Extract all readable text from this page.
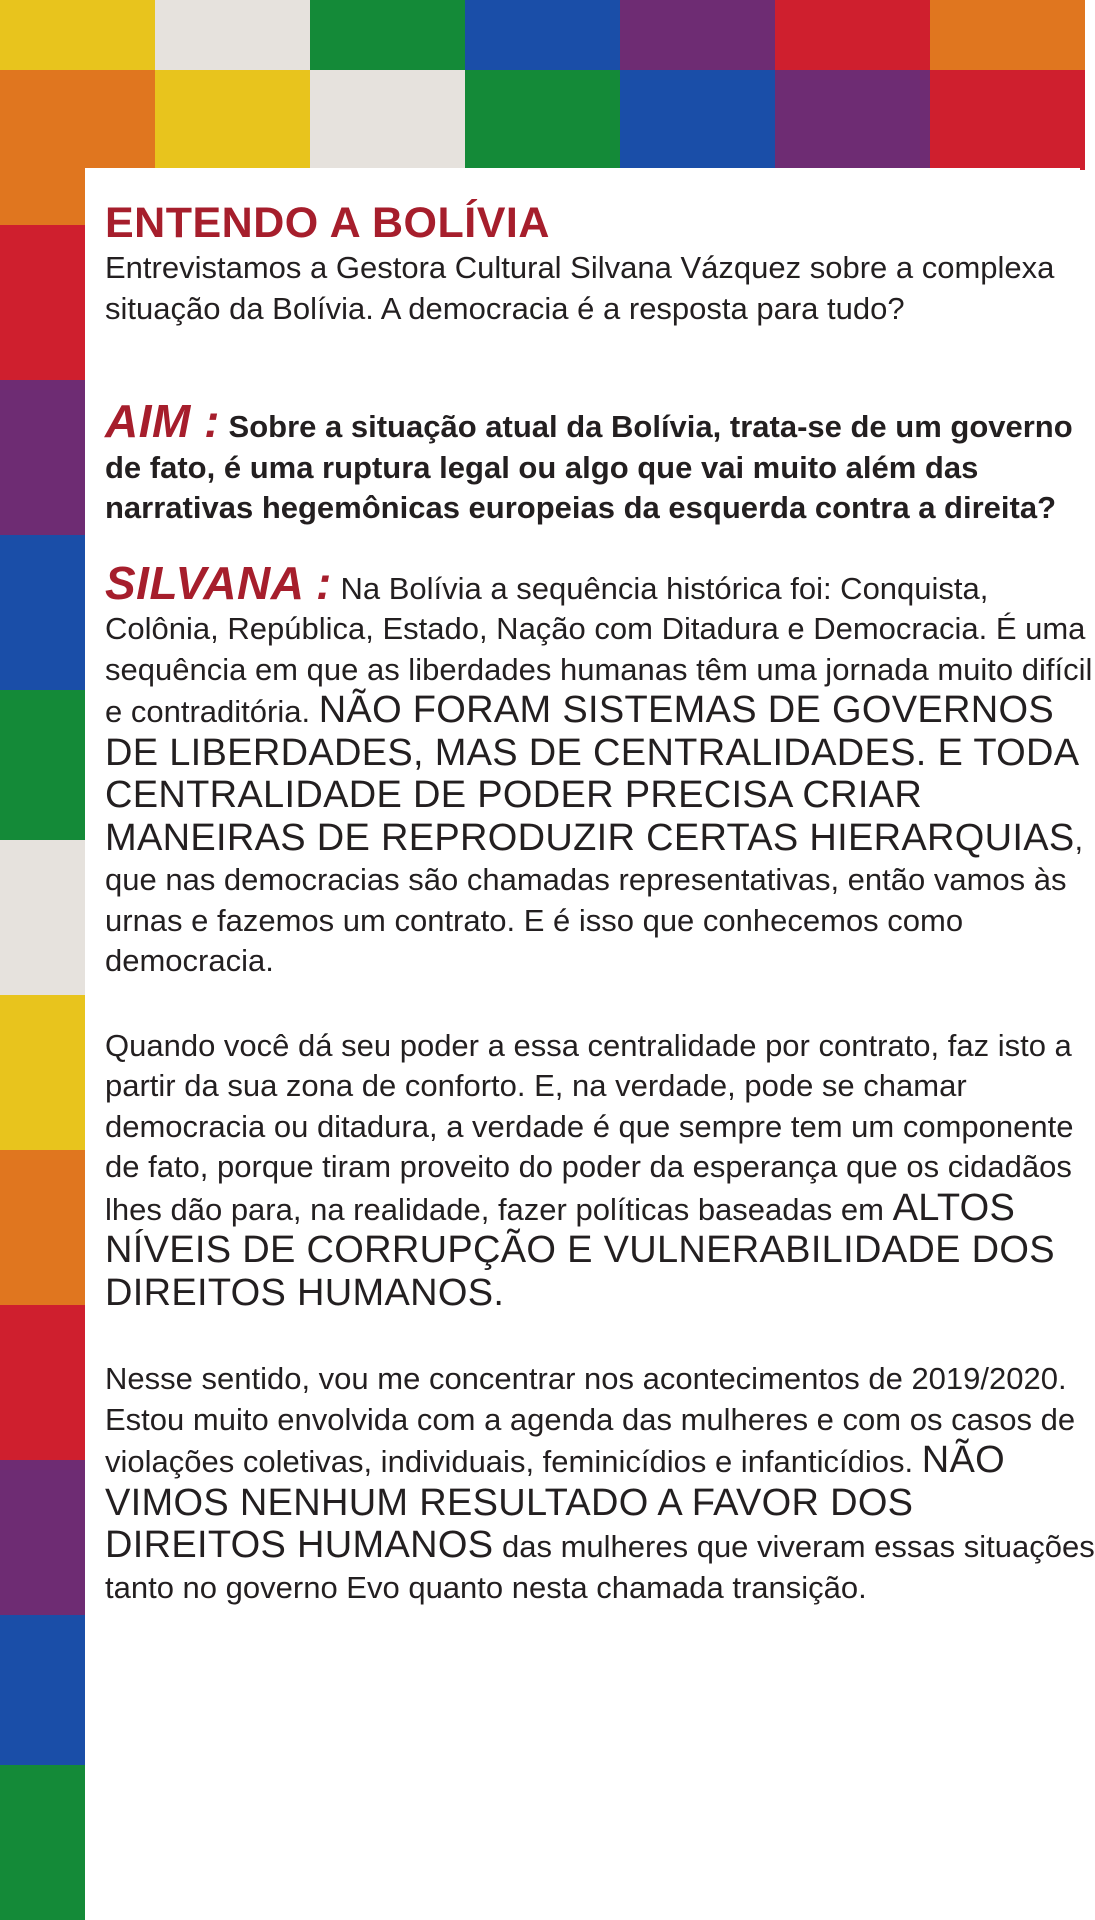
ENTENDO A BOLÍVIA

Entrevistamos a Gestora Cultural Silvana Vázquez sobre a complexa situação da Bolívia. A democracia é a resposta para tudo?

AIM : Sobre a situação atual da Bolívia, trata-se de um governo de fato, é uma ruptura legal ou algo que vai muito além das narrativas hegemônicas europeias da esquerda contra a direita?

SILVANA : Na Bolívia a sequência histórica foi: Conquista, Colônia, República, Estado, Nação com Ditadura e Democracia. É uma sequência em que as liberdades humanas têm uma jornada muito difícil e contraditória. NÃO FORAM SISTEMAS DE GOVERNOS DE LIBERDADES, MAS DE CENTRALIDADES. E TODA CENTRALIDADE DE PODER PRECISA CRIAR MANEIRAS DE REPRODUZIR CERTAS HIERARQUIAS, que nas democracias são chamadas representativas, então vamos às urnas e fazemos um contrato. E é isso que conhecemos como democracia.

Quando você dá seu poder a essa centralidade por contrato, faz isto a partir da sua zona de conforto. E, na verdade, pode se chamar democracia ou ditadura, a verdade é que sempre tem um componente de fato, porque tiram proveito do poder da esperança que os cidadãos lhes dão para, na realidade, fazer políticas baseadas em ALTOS NÍVEIS DE CORRUPÇÃO E VULNERABILIDADE DOS DIREITOS HUMANOS.

Nesse sentido, vou me concentrar nos acontecimentos de 2019/2020. Estou muito envolvida com a agenda das mulheres e com os casos de violações coletivas, individuais, feminicídios e infanticídios. NÃO VIMOS NENHUM RESULTADO A FAVOR DOS DIREITOS HUMANOS das mulheres que viveram essas situações tanto no governo Evo quanto nesta chamada transição.
